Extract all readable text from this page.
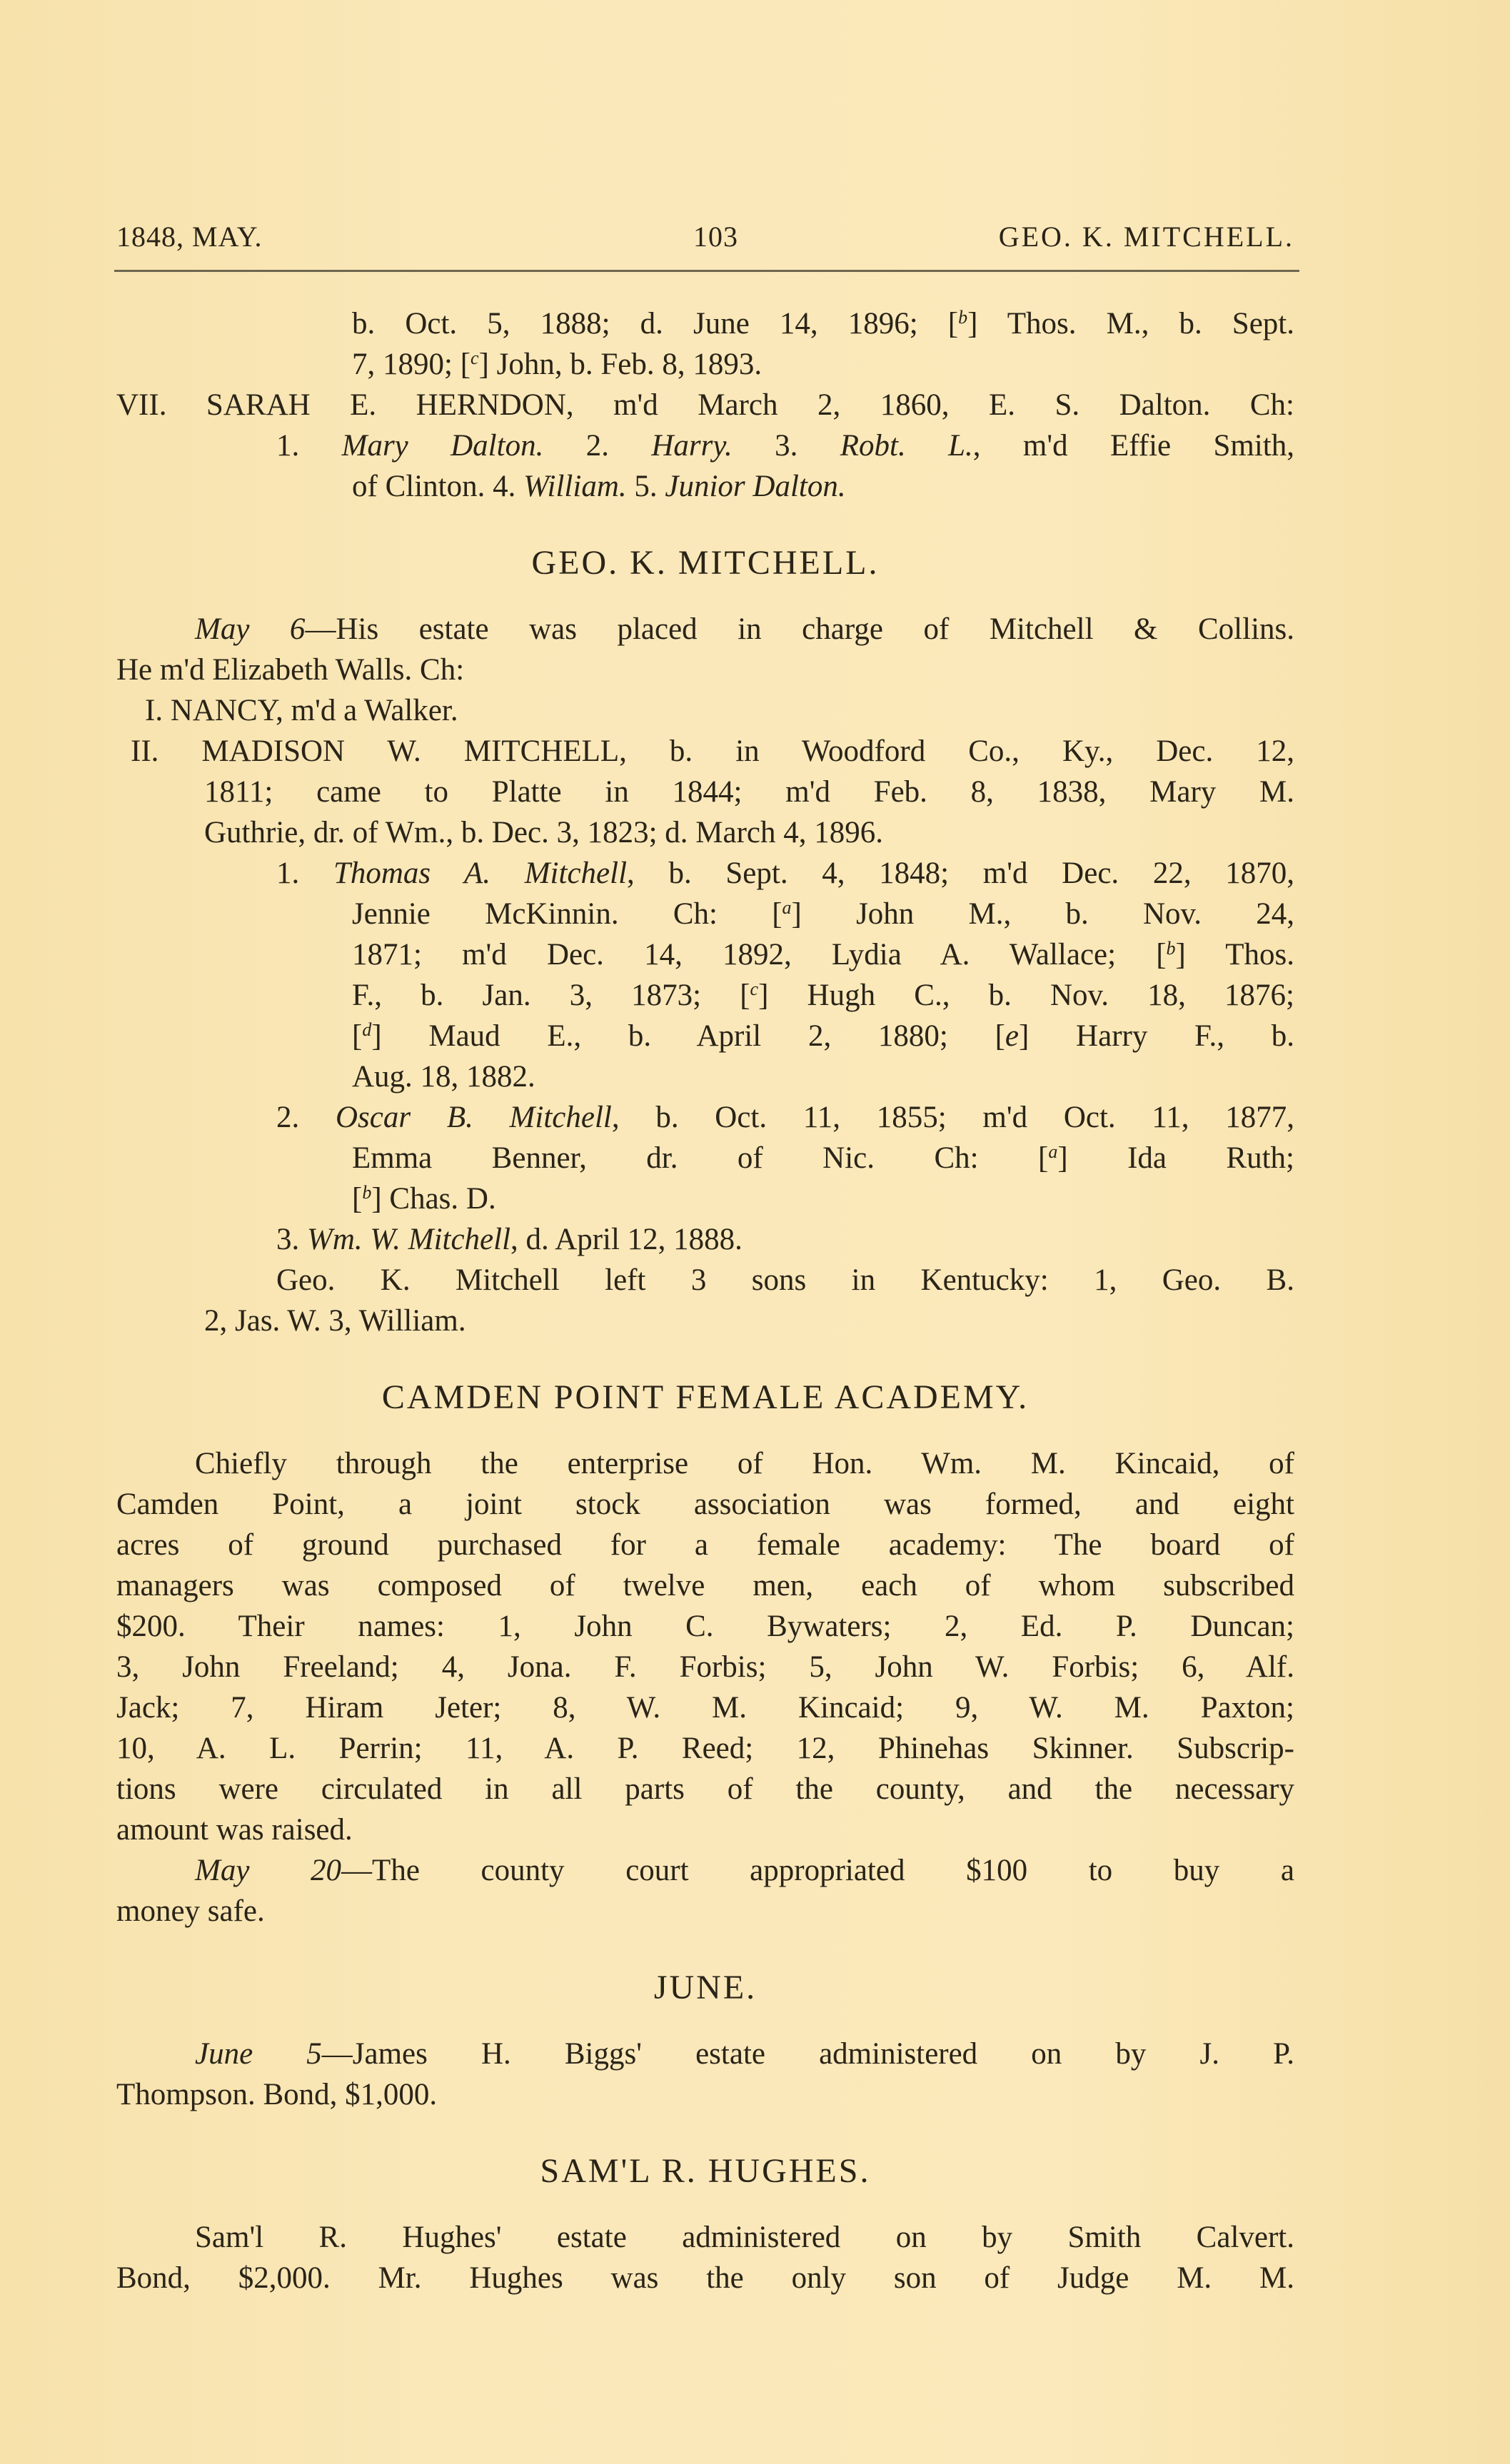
1848, MAY.	103	GEO. K. MITCHELL.
b. Oct. 5, 1888; d. June 14, 1896; [$^b$] Thos. M., b. Sept.
7, 1890; [$^c$] John, b. Feb. 8, 1893.
VII. SARAH E. HERNDON, m'd March 2, 1860, E. S. Dalton. Ch:
1. Mary Dalton. 2. Harry. 3. Robt. L., m'd Effie Smith,
of Clinton. 4. William. 5. Junior Dalton.
GEO. K. MITCHELL.
May 6—His estate was placed in charge of Mitchell & Collins.
He m'd Elizabeth Walls. Ch:
I. NANCY, m'd a Walker.
II. MADISON W. MITCHELL, b. in Woodford Co., Ky., Dec. 12,
1811; came to Platte in 1844; m'd Feb. 8, 1838, Mary M.
Guthrie, dr. of Wm., b. Dec. 3, 1823; d. March 4, 1896.
1. Thomas A. Mitchell, b. Sept. 4, 1848; m'd Dec. 22, 1870,
Jennie McKinnin. Ch: [$^a$] John M., b. Nov. 24,
1871; m'd Dec. 14, 1892, Lydia A. Wallace; [$^b$] Thos.
F., b. Jan. 3, 1873; [$^c$] Hugh C., b. Nov. 18, 1876;
[$^d$] Maud E., b. April 2, 1880; [e] Harry F., b.
Aug. 18, 1882.
2. Oscar B. Mitchell, b. Oct. 11, 1855; m'd Oct. 11, 1877,
Emma Benner, dr. of Nic. Ch: [$^a$] Ida Ruth;
[$^b$] Chas. D.
3. Wm. W. Mitchell, d. April 12, 1888.
Geo. K. Mitchell left 3 sons in Kentucky: 1, Geo. B.
2, Jas. W. 3, William.
CAMDEN POINT FEMALE ACADEMY.
Chiefly through the enterprise of Hon. Wm. M. Kincaid, of
Camden Point, a joint stock association was formed, and eight
acres of ground purchased for a female academy: The board of
managers was composed of twelve men, each of whom subscribed
$200. Their names: 1, John C. Bywaters; 2, Ed. P. Duncan;
3, John Freeland; 4, Jona. F. Forbis; 5, John W. Forbis; 6, Alf.
Jack; 7, Hiram Jeter; 8, W. M. Kincaid; 9, W. M. Paxton;
10, A. L. Perrin; 11, A. P. Reed; 12, Phinehas Skinner. Subscrip-
tions were circulated in all parts of the county, and the necessary
amount was raised.
May 20—The county court appropriated $100 to buy a
money safe.
JUNE.
June 5—James H. Biggs' estate administered on by J. P.
Thompson. Bond, $1,000.
SAM'L R. HUGHES.
Sam'l R. Hughes' estate administered on by Smith Calvert.
Bond, $2,000. Mr. Hughes was the only son of Judge M. M.
